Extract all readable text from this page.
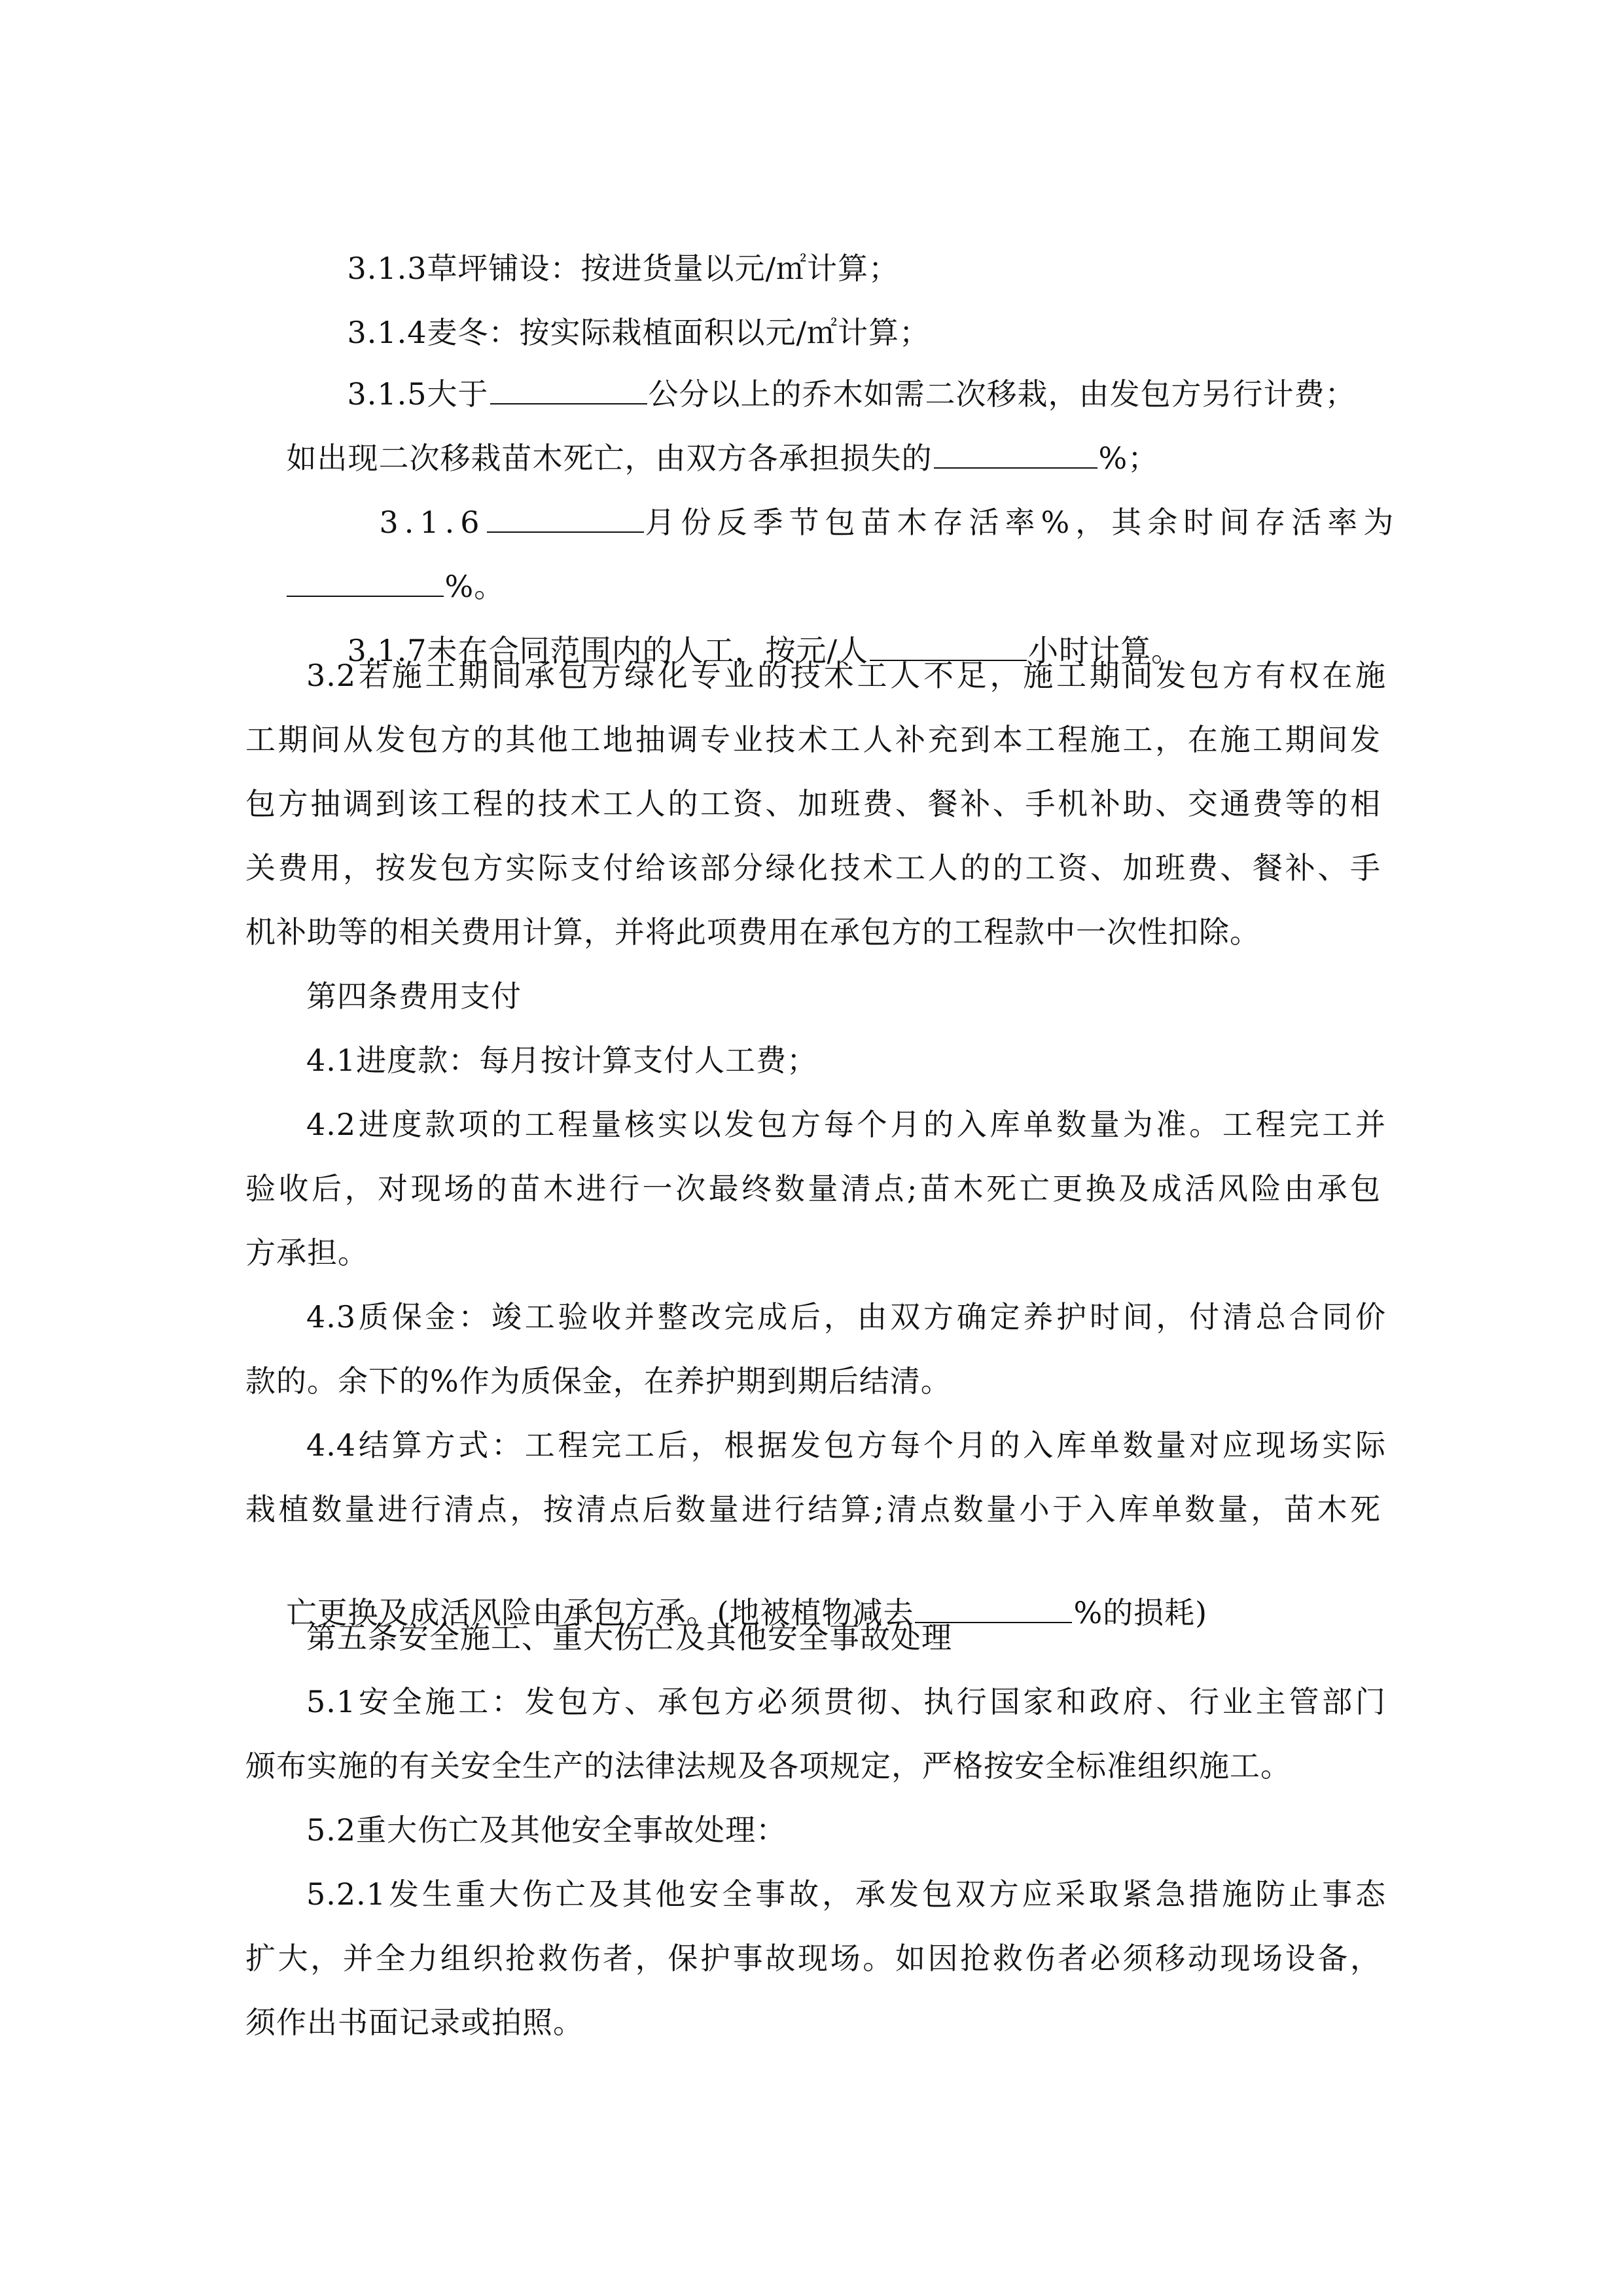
3.1.3草坪铺设：按进货量以元/㎡计算；

3.1.4麦冬：按实际栽植面积以元/㎡计算；

3.1.5大于	公分以上的乔木如需二次移栽，由发包方另行计费；

如出现二次移栽苗木死亡，由双方各承担损失的	%；

3.1.6	月份反季节包苗木存活率%，其余时间存活率为

%。

3.1.7未在合同范围内的人工，按元/人	小时计算。

3.2若施工期间承包方绿化专业的技术工人不足，施工期间发包方有权在施
工期间从发包方的其他工地抽调专业技术工人补充到本工程施工，在施工期间发
包方抽调到该工程的技术工人的工资、加班费、餐补、手机补助、交通费等的相
关费用，按发包方实际支付给该部分绿化技术工人的的工资、加班费、餐补、手
机补助等的相关费用计算，并将此项费用在承包方的工程款中一次性扣除。
第四条费用支付
4.1进度款：每月按计算支付人工费；
4.2进度款项的工程量核实以发包方每个月的入库单数量为准。工程完工并
验收后，对现场的苗木进行一次最终数量清点;苗木死亡更换及成活风险由承包
方承担。
4.3质保金：竣工验收并整改完成后，由双方确定养护时间，付清总合同价
款的。余下的%作为质保金，在养护期到期后结清。
4.4结算方式：工程完工后，根据发包方每个月的入库单数量对应现场实际
栽植数量进行清点，按清点后数量进行结算;清点数量小于入库单数量，苗木死

亡更换及成活风险由承包方承。(地被植物减去	%的损耗)

第五条安全施工、重大伤亡及其他安全事故处理
5.1安全施工：发包方、承包方必须贯彻、执行国家和政府、行业主管部门
颁布实施的有关安全生产的法律法规及各项规定，严格按安全标准组织施工。
5.2重大伤亡及其他安全事故处理：
5.2.1发生重大伤亡及其他安全事故，承发包双方应采取紧急措施防止事态
扩大，并全力组织抢救伤者，保护事故现场。如因抢救伤者必须移动现场设备，
须作出书面记录或拍照。
